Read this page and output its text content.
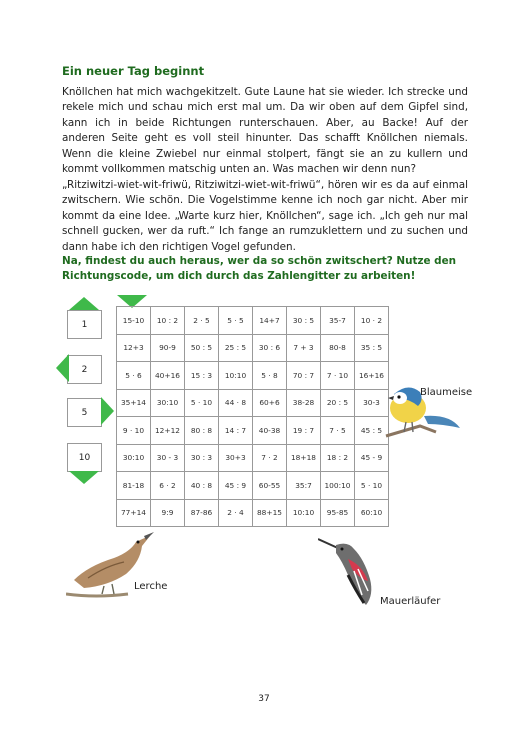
Ein neuer Tag beginnt

Knöllchen hat mich wachgekitzelt. Gute Laune hat sie wieder. Ich strecke und rekele mich und schau mich erst mal um. Da wir oben auf dem Gipfel sind, kann ich in beide Richtungen runterschauen. Aber, au Backe! Auf der anderen Seite geht es voll steil hinunter. Das schafft Knöllchen niemals. Wenn die kleine Zwiebel nur einmal stolpert, fängt sie an zu kullern und kommt vollkommen matschig unten an. Was machen wir denn nun?

„Ritziwitzi-wiet-wit-friwü, Ritziwitzi-wiet-wit-friwü“, hören wir es da auf einmal zwitschern. Wie schön. Die Vogelstimme kenne ich noch gar nicht. Aber mir kommt da eine Idee. „Warte kurz hier, Knöllchen“, sage ich. „Ich geh nur mal schnell gucken, wer da ruft.“ Ich fange an rumzuklettern und zu suchen und dann habe ich den richtigen Vogel gefunden.

Na, findest du auch heraus, wer da so schön zwitschert? Nutze den Richtungscode, um dich durch das Zahlengitter zu arbeiten!

1
2
5
10
15-10	10 : 2	2 · 5	5 · 5	14+7	30 : 5	35-7	10 · 2
12+3	90-9	50 : 5	25 : 5	30 : 6	7 + 3	80-8	35 : 5
5 · 6	40+16	15 : 3	10:10	5 · 8	70 : 7	7 · 10	16+16
35+14	30:10	5 · 10	44 · 8	60+6	38-28	20 : 5	30-3
9 · 10	12+12	80 : 8	14 : 7	40-38	19 : 7	7 · 5	45 : 5
30:10	30 - 3	30 : 3	30+3	7 · 2	18+18	18 : 2	45 - 9
81-18	6 · 2	40 : 8	45 : 9	60-55	35:7	100:10	5 · 10
77+14	9:9	87-86	2 · 4	88+15	10:10	95-85	60:10
Blaumeise
Lerche
Mauerläufer
37
